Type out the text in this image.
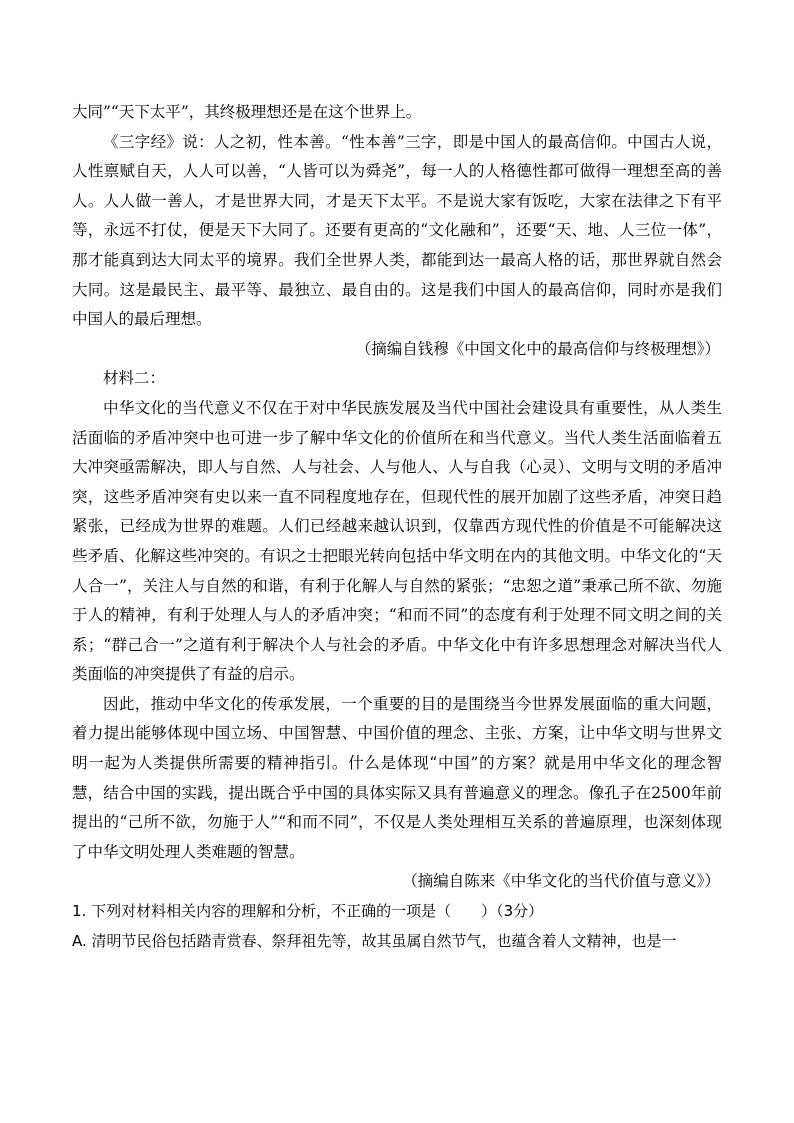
大同”“天下太平”，其终极理想还是在这个世界上。

《三字经》说：人之初，性本善。“性本善”三字，即是中国人的最高信仰。中国古人说，人性禀赋自天，人人可以善，“人皆可以为舜尧”，每一人的人格德性都可做得一理想至高的善人。人人做一善人，才是世界大同，才是天下太平。不是说大家有饭吃，大家在法律之下有平等，永远不打仗，便是天下大同了。还要有更高的“文化融和”，还要“天、地、人三位一体”，那才能真到达大同太平的境界。我们全世界人类，都能到达一最高人格的话，那世界就自然会大同。这是最民主、最平等、最独立、最自由的。这是我们中国人的最高信仰，同时亦是我们中国人的最后理想。

（摘编自钱穆《中国文化中的最高信仰与终极理想》）

材料二：

中华文化的当代意义不仅在于对中华民族发展及当代中国社会建设具有重要性，从人类生活面临的矛盾冲突中也可进一步了解中华文化的价值所在和当代意义。当代人类生活面临着五大冲突亟需解决，即人与自然、人与社会、人与他人、人与自我（心灵）、文明与文明的矛盾冲突，这些矛盾冲突有史以来一直不同程度地存在，但现代性的展开加剧了这些矛盾，冲突日趋紧张，已经成为世界的难题。人们已经越来越认识到，仅靠西方现代性的价值是不可能解决这些矛盾、化解这些冲突的。有识之士把眼光转向包括中华文明在内的其他文明。中华文化的“天人合一”，关注人与自然的和谐，有利于化解人与自然的紧张；“忠恕之道”秉承己所不欲、勿施于人的精神，有利于处理人与人的矛盾冲突；“和而不同”的态度有利于处理不同文明之间的关系；“群己合一”之道有利于解决个人与社会的矛盾。中华文化中有许多思想理念对解决当代人类面临的冲突提供了有益的启示。

因此，推动中华文化的传承发展，一个重要的目的是围绕当今世界发展面临的重大问题，着力提出能够体现中国立场、中国智慧、中国价值的理念、主张、方案，让中华文明与世界文明一起为人类提供所需要的精神指引。什么是体现“中国”的方案？就是用中华文化的理念智慧，结合中国的实践，提出既合乎中国的具体实际又具有普遍意义的理念。像孔子在2500年前提出的“己所不欲，勿施于人”“和而不同”，不仅是人类处理相互关系的普遍原理，也深刻体现了中华文明处理人类难题的智慧。

（摘编自陈来《中华文化的当代价值与意义》）

1. 下列对材料相关内容的理解和分析，不正确的一项是（　　）（3分）

A. 清明节民俗包括踏青赏春、祭拜祖先等，故其虽属自然节气，也蕴含着人文精神，也是一
